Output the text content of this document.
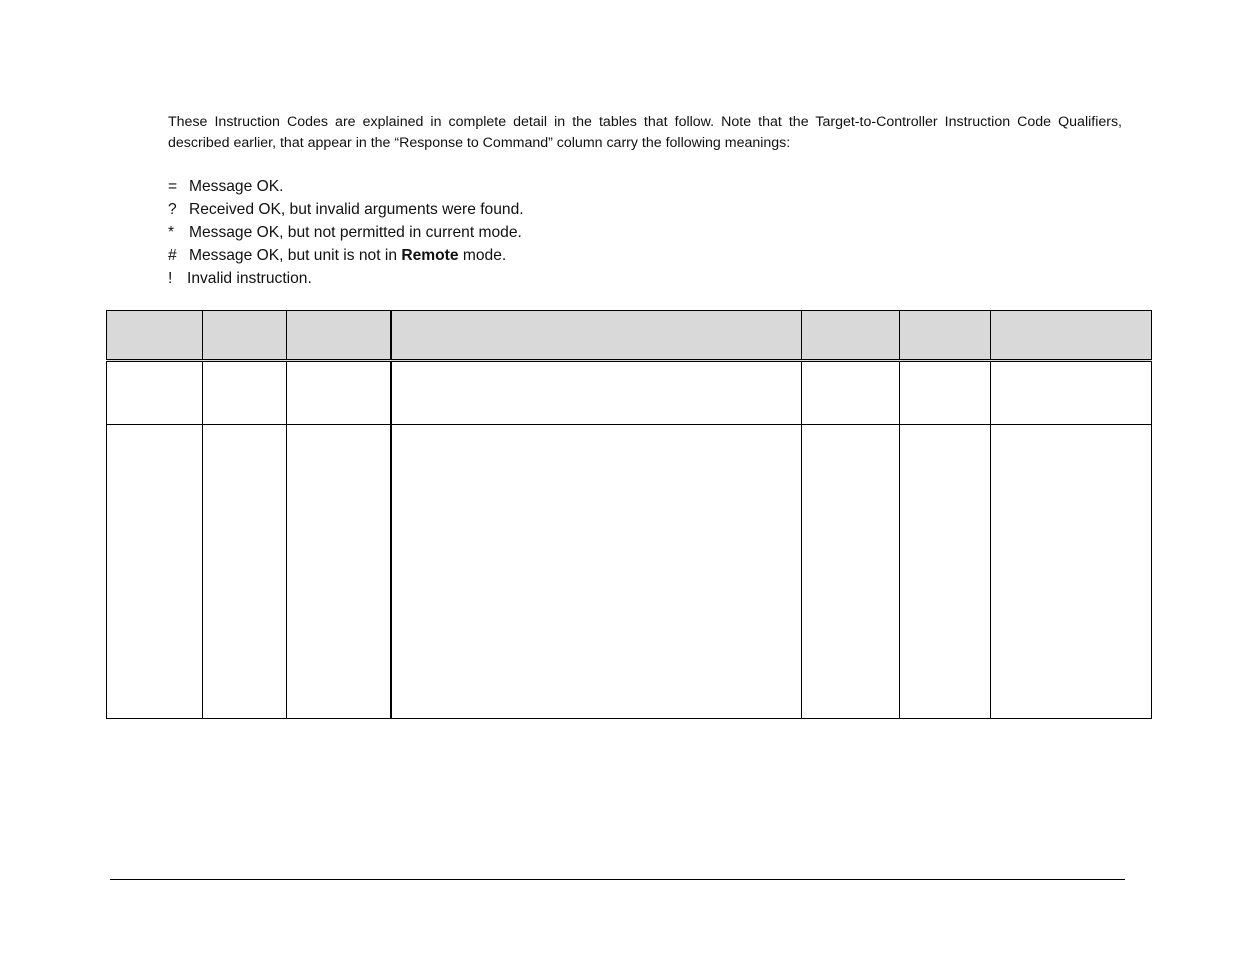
These Instruction Codes are explained in complete detail in the tables that follow. Note that the Target-to-Controller Instruction Code Qualifiers, described earlier, that appear in the “Response to Command” column carry the following meanings:

= Message OK.
? Received OK, but invalid arguments were found.
* Message OK, but not permitted in current mode.
# Message OK, but unit is not in Remote mode.
! Invalid instruction.
